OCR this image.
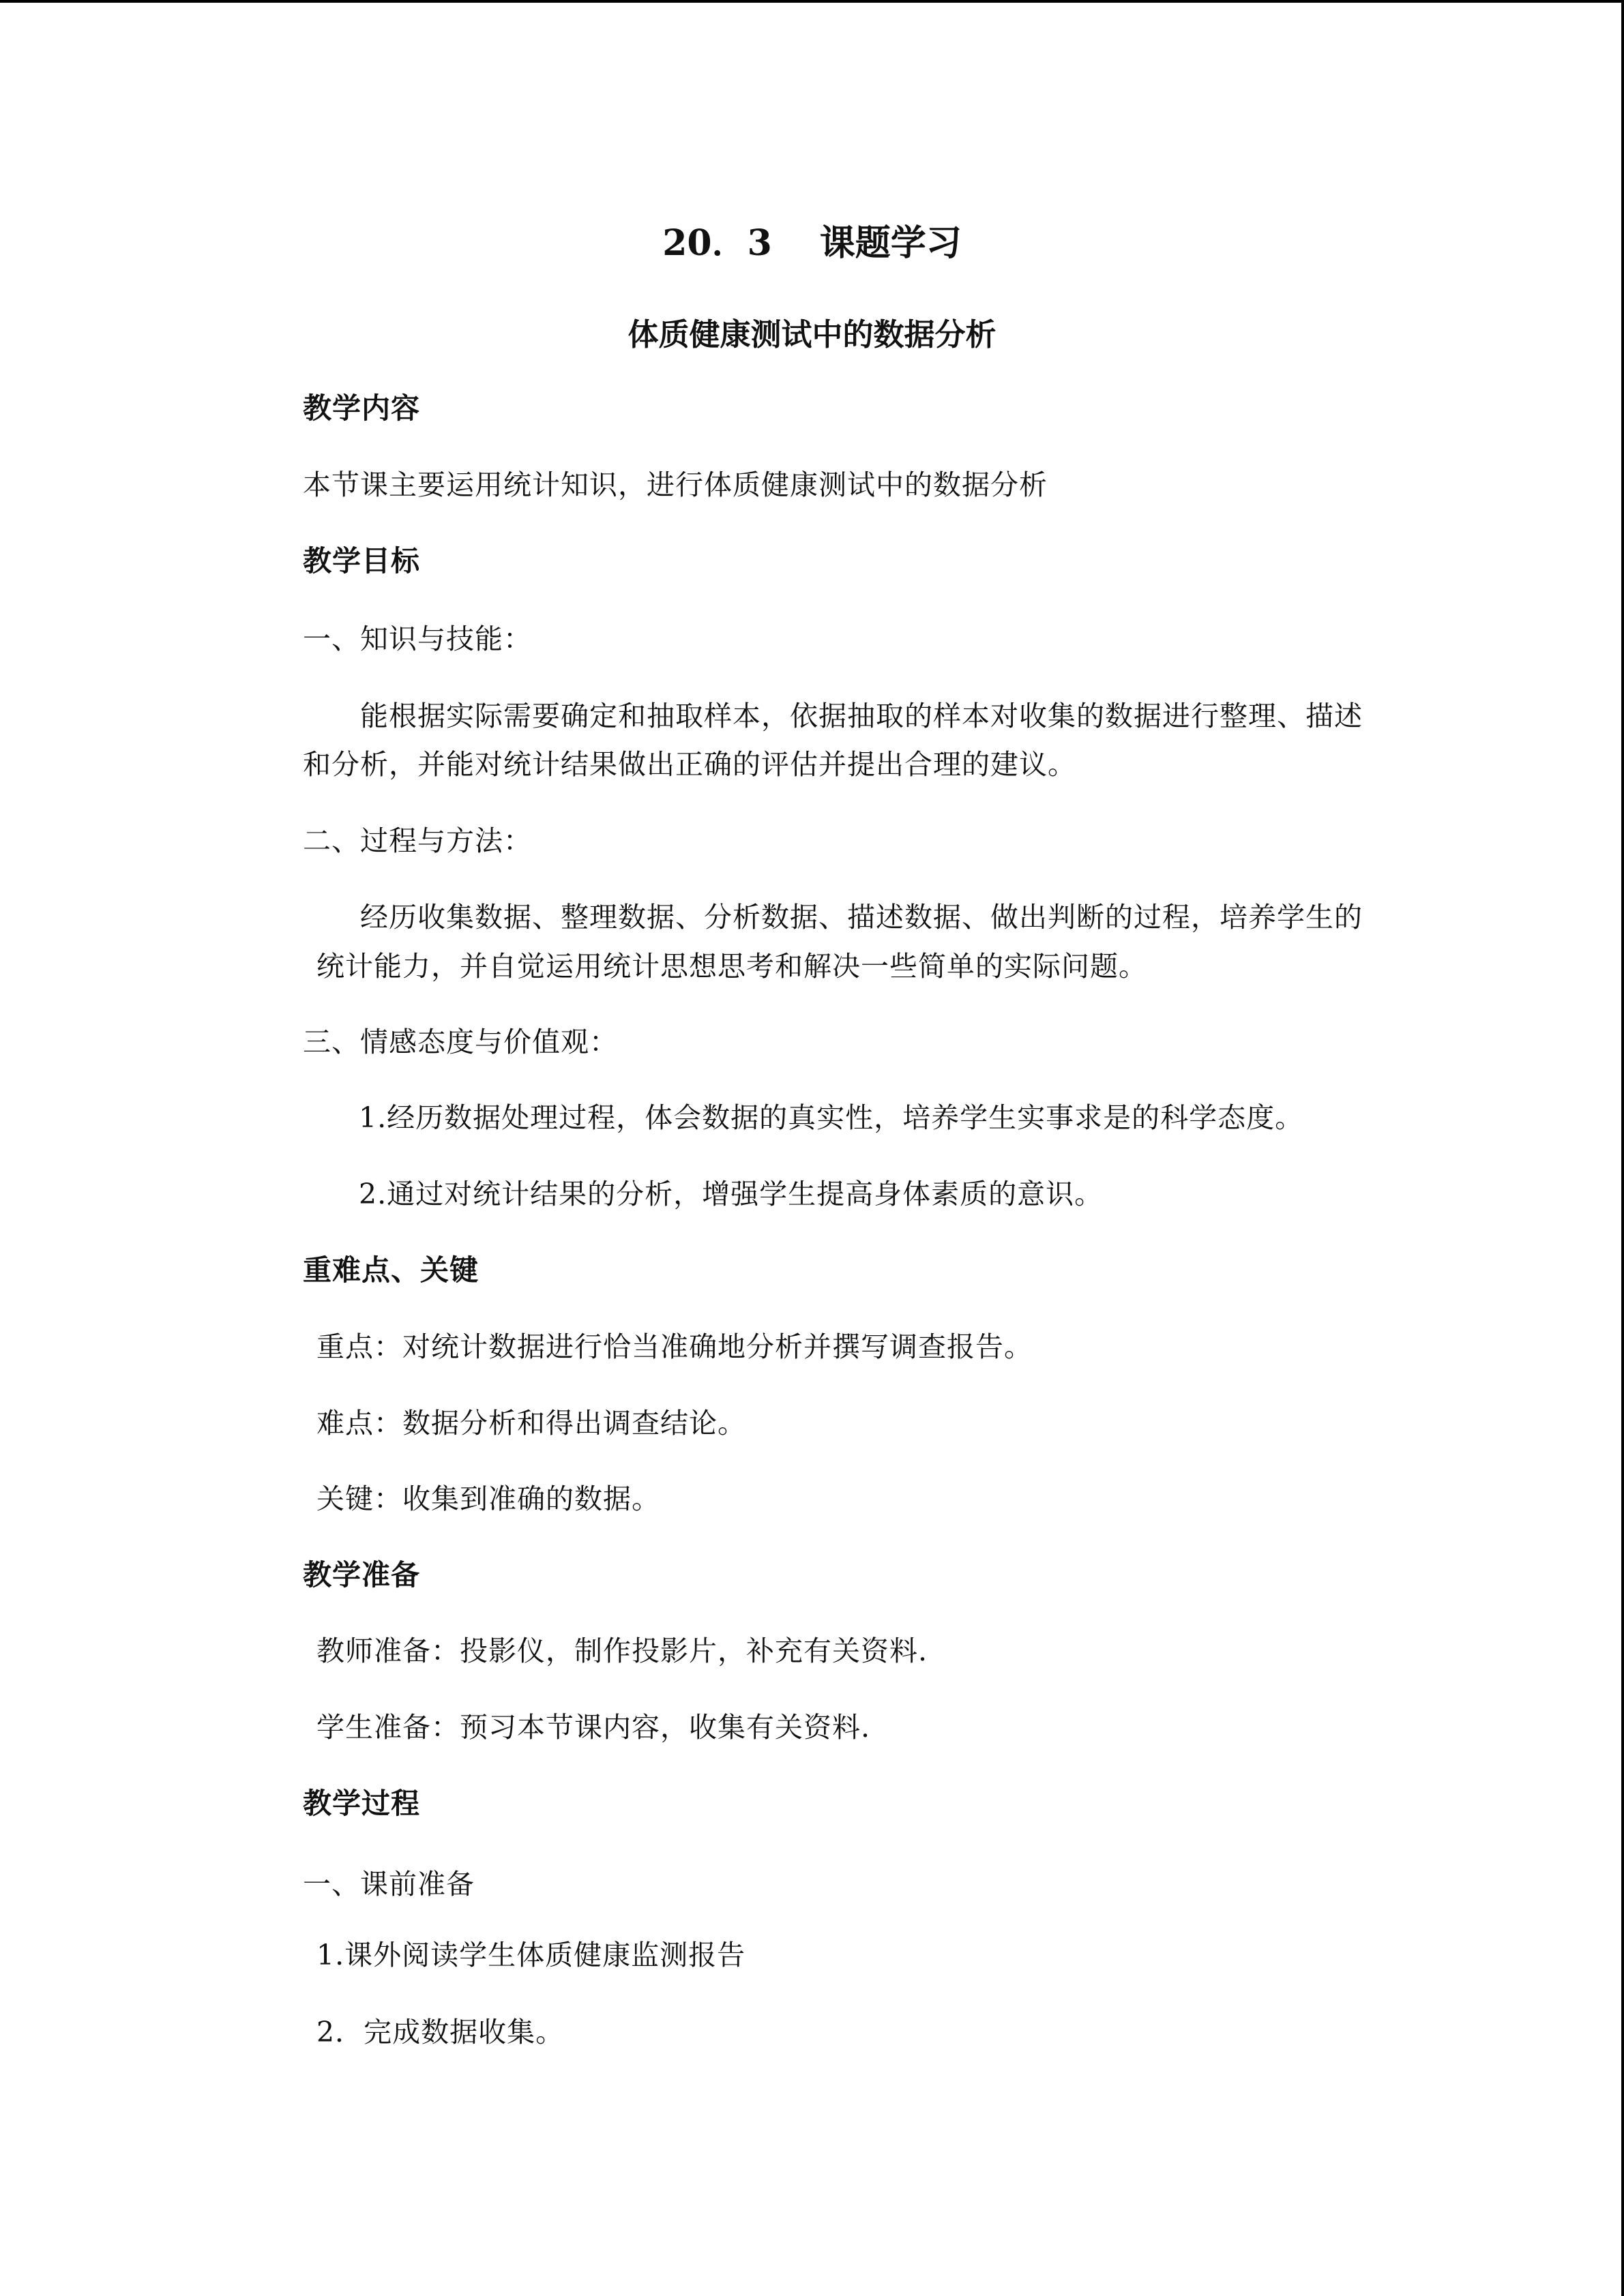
20．3 课题学习
体质健康测试中的数据分析
教学内容
本节课主要运用统计知识，进行体质健康测试中的数据分析
教学目标
一、知识与技能：
能根据实际需要确定和抽取样本，依据抽取的样本对收集的数据进行整理、描述
和分析，并能对统计结果做出正确的评估并提出合理的建议。
二、过程与方法：
经历收集数据、整理数据、分析数据、描述数据、做出判断的过程，培养学生的
统计能力，并自觉运用统计思想思考和解决一些简单的实际问题。
三、情感态度与价值观：
1.经历数据处理过程，体会数据的真实性，培养学生实事求是的科学态度。
2.通过对统计结果的分析，增强学生提高身体素质的意识。
重难点、关键
重点：对统计数据进行恰当准确地分析并撰写调查报告。
难点：数据分析和得出调查结论。
关键：收集到准确的数据。
教学准备
教师准备：投影仪，制作投影片，补充有关资料.
学生准备：预习本节课内容，收集有关资料.
教学过程
一、课前准备
1.课外阅读学生体质健康监测报告
2．完成数据收集。
